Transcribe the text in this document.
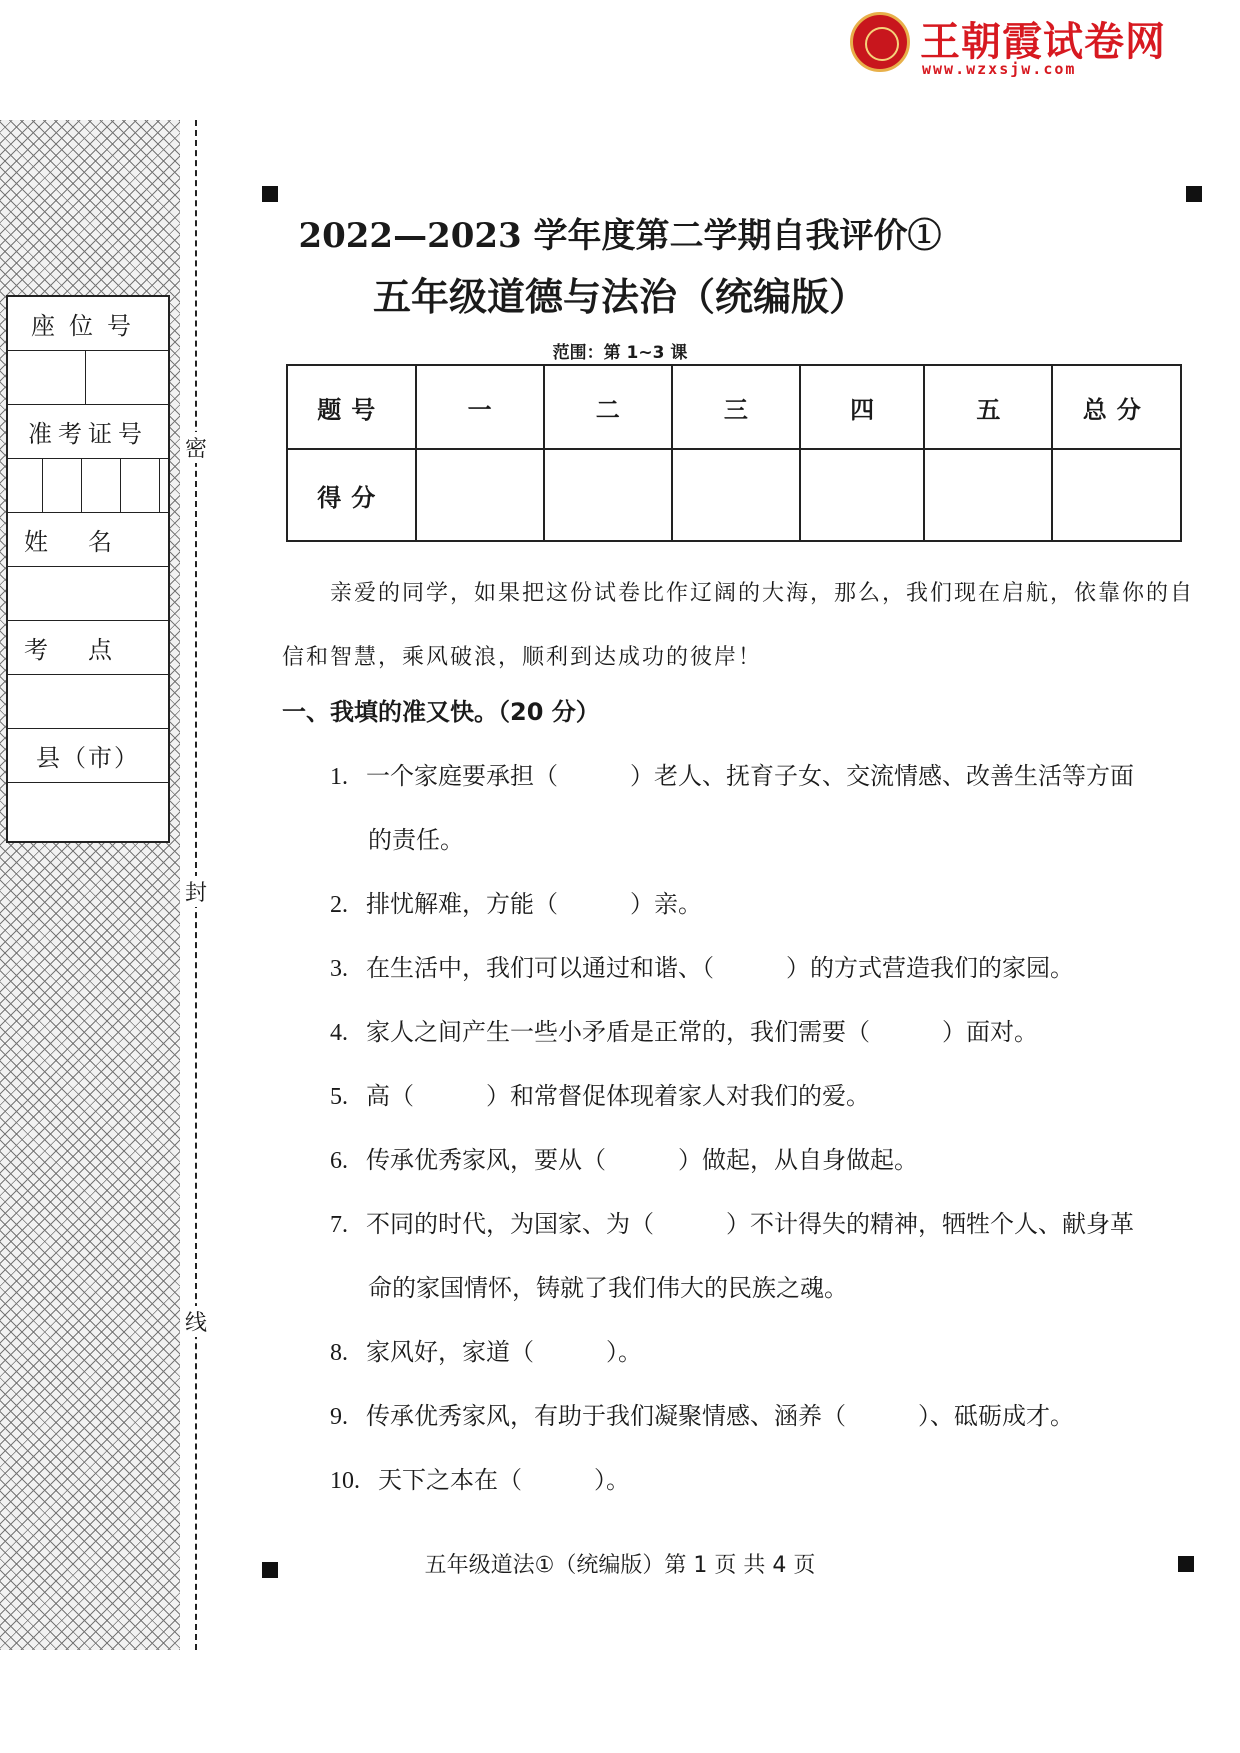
王朝霞试卷网
www.wzxsjw.com
座位号
准考证号
姓名
考点
县（市）
密
封
线
2022—2023 学年度第二学期自我评价①
五年级道德与法治（统编版）
范围：第 1~3 课
题号	一	二	三	四	五	总分
得分						
亲爱的同学，如果把这份试卷比作辽阔的大海，那么，我们现在启航，依靠你的自信和智慧，乘风破浪，顺利到达成功的彼岸！
一、我填的准又快。（20 分）
1. 一个家庭要承担（　　　）老人、抚育子女、交流情感、改善生活等方面
的责任。
2. 排忧解难，方能（　　　）亲。
3. 在生活中，我们可以通过和谐、（　　　）的方式营造我们的家园。
4. 家人之间产生一些小矛盾是正常的，我们需要（　　　）面对。
5. 高（　　　）和常督促体现着家人对我们的爱。
6. 传承优秀家风，要从（　　　）做起，从自身做起。
7. 不同的时代，为国家、为（　　　）不计得失的精神，牺牲个人、献身革
命的家国情怀，铸就了我们伟大的民族之魂。
8. 家风好，家道（　　　）。
9. 传承优秀家风，有助于我们凝聚情感、涵养（　　　）、砥砺成才。
10. 天下之本在（　　　）。
五年级道法①（统编版）第 1 页 共 4 页
